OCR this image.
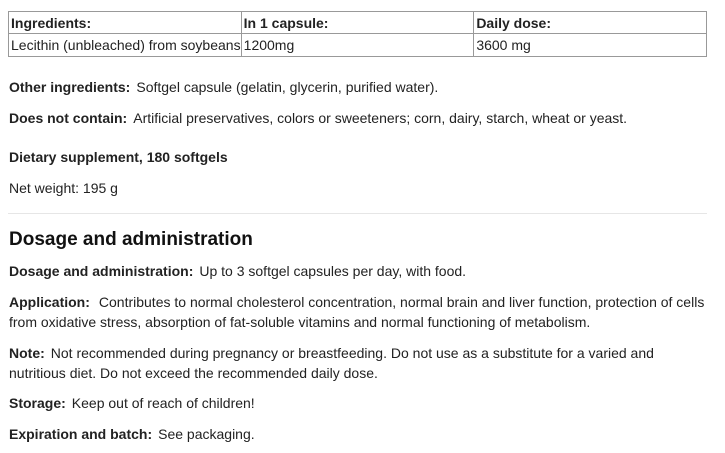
Ingredients:	In 1 capsule:	Daily dose:
Lecithin (unbleached) from soybeans	1200mg	3600 mg
Other ingredients: Softgel capsule (gelatin, glycerin, purified water).
Does not contain: Artificial preservatives, colors or sweeteners; corn, dairy, starch, wheat or yeast.
Dietary supplement, 180 softgels
Net weight: 195 g
Dosage and administration
Dosage and administration: Up to 3 softgel capsules per day, with food.
Application: Contributes to normal cholesterol concentration, normal brain and liver function, protection of cells from oxidative stress, absorption of fat-soluble vitamins and normal functioning of metabolism.
Note: Not recommended during pregnancy or breastfeeding. Do not use as a substitute for a varied and nutritious diet. Do not exceed the recommended daily dose.
Storage: Keep out of reach of children!
Expiration and batch: See packaging.
